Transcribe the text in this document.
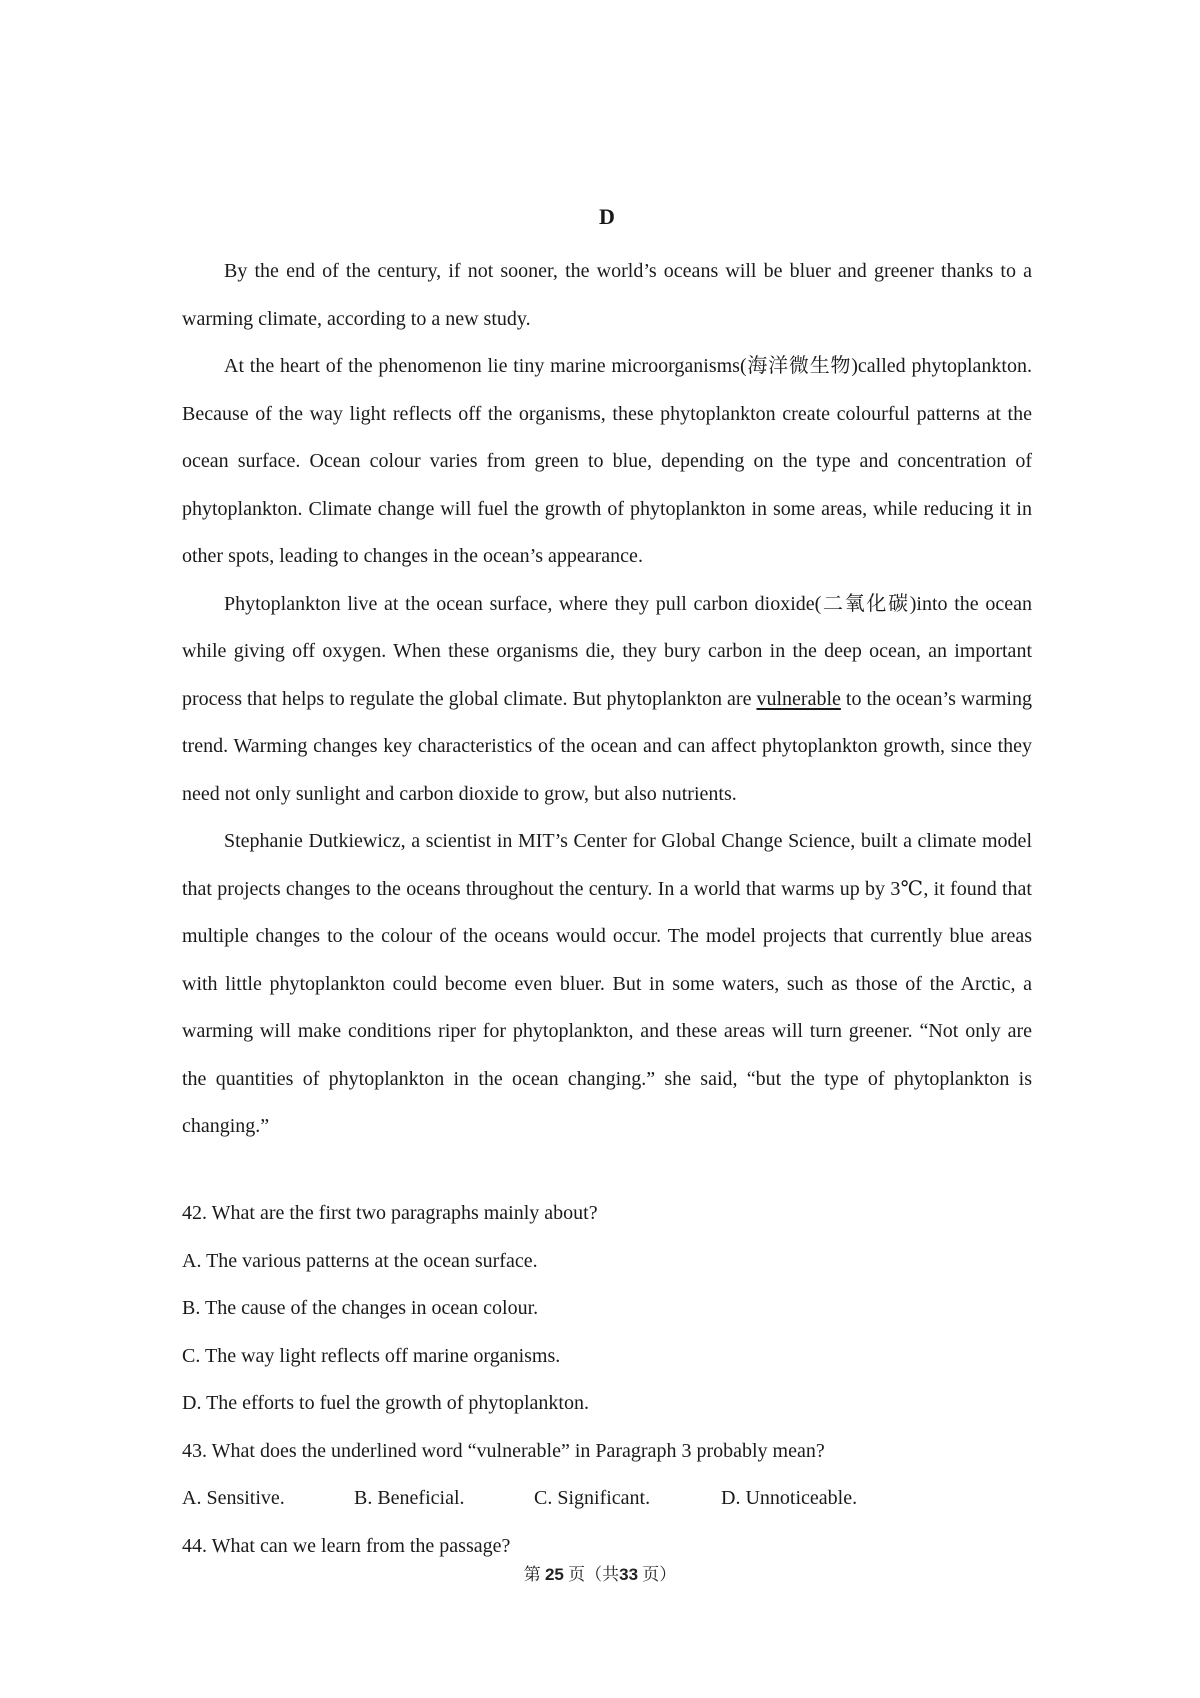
D

By the end of the century, if not sooner, the world’s oceans will be bluer and greener thanks to a warming climate, according to a new study.

At the heart of the phenomenon lie tiny marine microorganisms(海洋微生物)called phytoplankton. Because of the way light reflects off the organisms, these phytoplankton create colourful patterns at the ocean surface. Ocean colour varies from green to blue, depending on the type and concentration of phytoplankton. Climate change will fuel the growth of phytoplankton in some areas, while reducing it in other spots, leading to changes in the ocean’s appearance.

Phytoplankton live at the ocean surface, where they pull carbon dioxide(二氧化碳)into the ocean while giving off oxygen. When these organisms die, they bury carbon in the deep ocean, an important process that helps to regulate the global climate. But phytoplankton are vulnerable to the ocean’s warming trend. Warming changes key characteristics of the ocean and can affect phytoplankton growth, since they need not only sunlight and carbon dioxide to grow, but also nutrients.

Stephanie Dutkiewicz, a scientist in MIT’s Center for Global Change Science, built a climate model that projects changes to the oceans throughout the century. In a world that warms up by 3℃, it found that multiple changes to the colour of the oceans would occur. The model projects that currently blue areas with little phytoplankton could become even bluer. But in some waters, such as those of the Arctic, a warming will make conditions riper for phytoplankton, and these areas will turn greener. “Not only are the quantities of phytoplankton in the ocean changing.” she said, “but the type of phytoplankton is changing.”

42. What are the first two paragraphs mainly about?
A. The various patterns at the ocean surface.
B. The cause of the changes in ocean colour.
C. The way light reflects off marine organisms.
D. The efforts to fuel the growth of phytoplankton.
43. What does the underlined word “vulnerable” in Paragraph 3 probably mean?
A. Sensitive.	B. Beneficial.	C. Significant.	D. Unnoticeable.
44. What can we learn from the passage?
第 25 页（共33 页）
